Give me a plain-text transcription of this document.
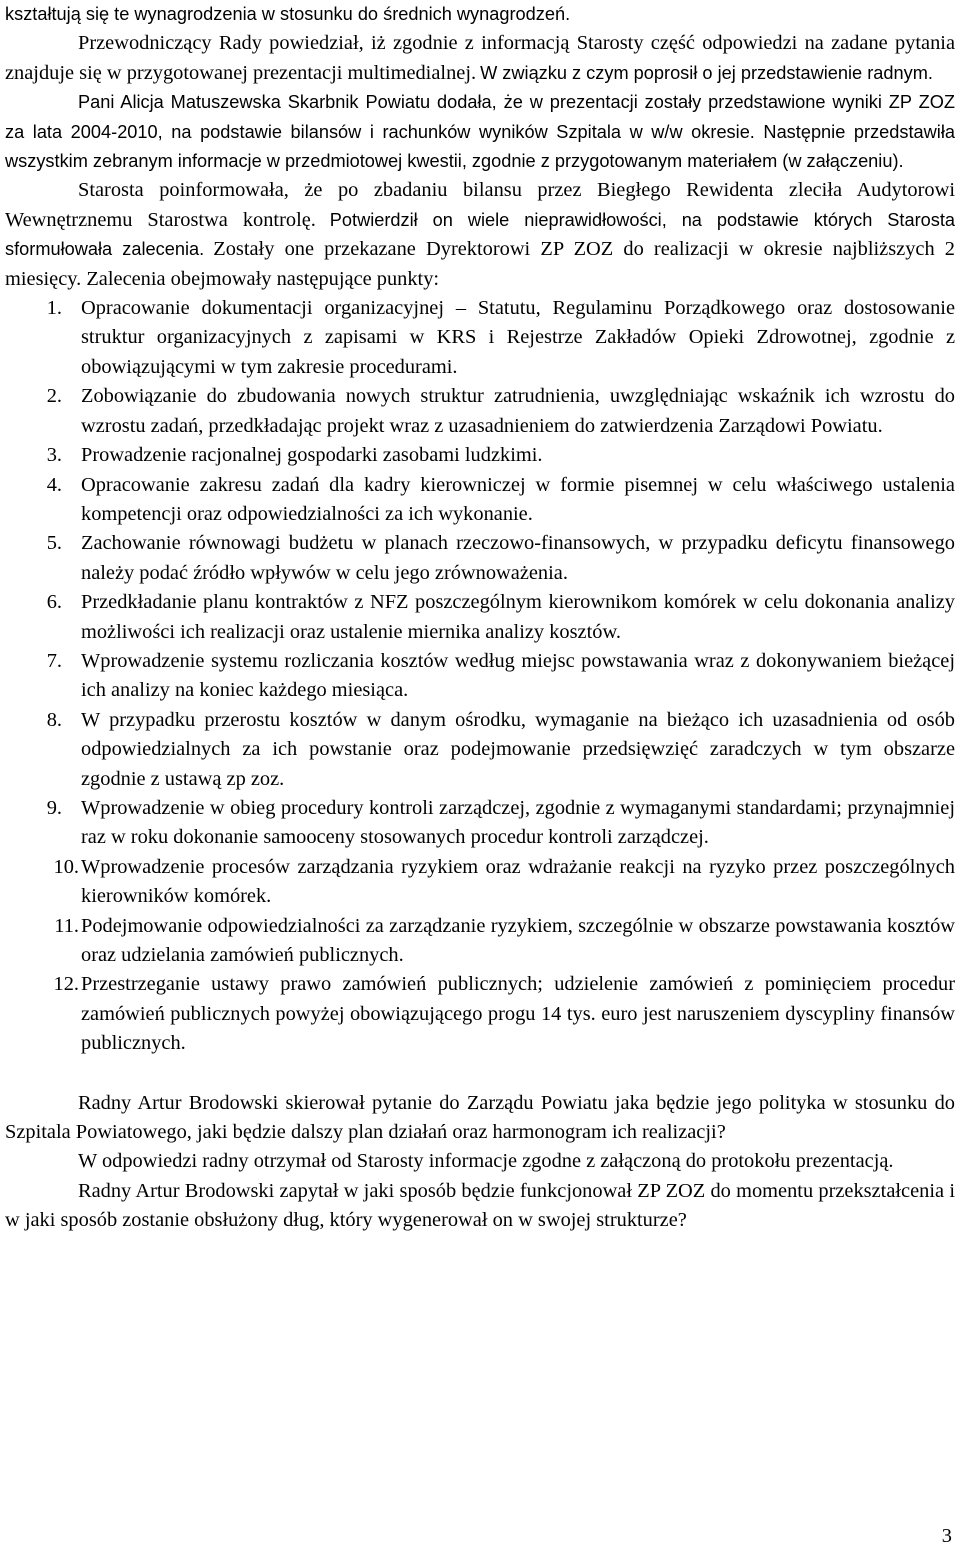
kształtują się te wynagrodzenia w stosunku do średnich wynagrodzeń.

Przewodniczący Rady powiedział, iż zgodnie z informacją Starosty część odpowiedzi na zadane pytania znajduje się w przygotowanej prezentacji multimedialnej. W związku z czym poprosił o jej przedstawienie radnym.

Pani Alicja Matuszewska Skarbnik Powiatu dodała, że w prezentacji zostały przedstawione wyniki ZP ZOZ za lata 2004-2010, na podstawie bilansów i rachunków wyników Szpitala w w/w okresie. Następnie przedstawiła wszystkim zebranym informacje w przedmiotowej kwestii, zgodnie z przygotowanym materiałem (w załączeniu).

Starosta poinformowała, że po zbadaniu bilansu przez Biegłego Rewidenta zleciła Audytorowi Wewnętrznemu Starostwa kontrolę. Potwierdził on wiele nieprawidłowości, na podstawie których Starosta sformułowała zalecenia. Zostały one przekazane Dyrektorowi ZP ZOZ do realizacji w okresie najbliższych 2 miesięcy. Zalecenia obejmowały następujące punkty:

1. Opracowanie dokumentacji organizacyjnej – Statutu, Regulaminu Porządkowego oraz dostosowanie struktur organizacyjnych z zapisami w KRS i Rejestrze Zakładów Opieki Zdrowotnej, zgodnie z obowiązującymi w tym zakresie procedurami.
2. Zobowiązanie do zbudowania nowych struktur zatrudnienia, uwzględniając wskaźnik ich wzrostu do wzrostu zadań, przedkładając projekt wraz z uzasadnieniem do zatwierdzenia Zarządowi Powiatu.
3. Prowadzenie racjonalnej gospodarki zasobami ludzkimi.
4. Opracowanie zakresu zadań dla kadry kierowniczej w formie pisemnej w celu właściwego ustalenia kompetencji oraz odpowiedzialności za ich wykonanie.
5. Zachowanie równowagi budżetu w planach rzeczowo-finansowych, w przypadku deficytu finansowego należy podać źródło wpływów w celu jego zrównoważenia.
6. Przedkładanie planu kontraktów z NFZ poszczególnym kierownikom komórek w celu dokonania analizy możliwości ich realizacji oraz ustalenie miernika analizy kosztów.
7. Wprowadzenie systemu rozliczania kosztów według miejsc powstawania wraz z dokonywaniem bieżącej ich analizy na koniec każdego miesiąca.
8. W przypadku przerostu kosztów w danym ośrodku, wymaganie na bieżąco ich uzasadnienia od osób odpowiedzialnych za ich powstanie oraz podejmowanie przedsięwzięć zaradczych w tym obszarze zgodnie z ustawą zp zoz.
9. Wprowadzenie w obieg procedury kontroli zarządczej, zgodnie z wymaganymi standardami; przynajmniej raz w roku dokonanie samooceny stosowanych procedur kontroli zarządczej.
10. Wprowadzenie procesów zarządzania ryzykiem oraz wdrażanie reakcji na ryzyko przez poszczególnych kierowników komórek.
11. Podejmowanie odpowiedzialności za zarządzanie ryzykiem, szczególnie w obszarze powstawania kosztów oraz udzielania zamówień publicznych.
12. Przestrzeganie ustawy prawo zamówień publicznych; udzielenie zamówień z pominięciem procedur zamówień publicznych powyżej obowiązującego progu 14 tys. euro jest naruszeniem dyscypliny finansów publicznych.

Radny Artur Brodowski skierował pytanie do Zarządu Powiatu jaka będzie jego polityka w stosunku do Szpitala Powiatowego, jaki będzie dalszy plan działań oraz harmonogram ich realizacji?

W odpowiedzi radny otrzymał od Starosty informacje zgodne z załączoną do protokołu prezentacją.

Radny Artur Brodowski zapytał w jaki sposób będzie funkcjonował ZP ZOZ do momentu przekształcenia i w jaki sposób zostanie obsłużony dług, który wygenerował on w swojej strukturze?

3
